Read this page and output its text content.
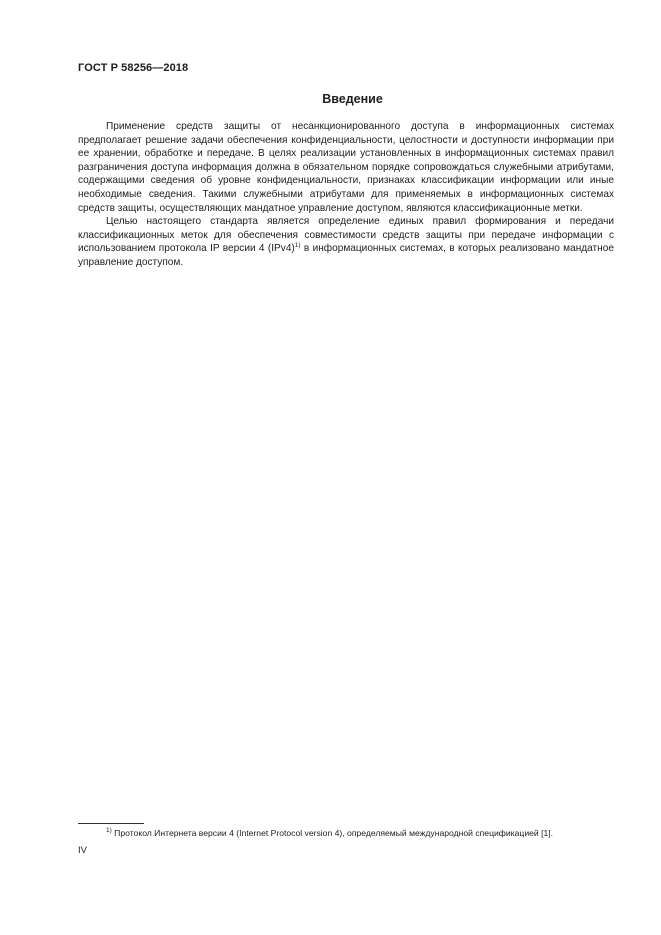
ГОСТ Р 58256—2018
Введение

Применение средств защиты от несанкционированного доступа в информационных системах предполагает решение задачи обеспечения конфиденциальности, целостности и доступности информации при ее хранении, обработке и передаче. В целях реализации установленных в информационных системах правил разграничения доступа информация должна в обязательном порядке сопровождаться служебными атрибутами, содержащими сведения об уровне конфиденциальности, признаках классификации информации или иные необходимые сведения. Такими служебными атрибутами для применяемых в информационных системах средств защиты, осуществляющих мандатное управление доступом, являются классификационные метки.

Целью настоящего стандарта является определение единых правил формирования и передачи классификационных меток для обеспечения совместимости средств защиты при передаче информации с использованием протокола IP версии 4 $(IPv4)^{1)}$ в информационных системах, в которых реализовано мандатное управление доступом.

$^{1)}$ Протокол Интернета версии 4 (Internet Protocol version 4), определяемый международной спецификацией [1].
IV
